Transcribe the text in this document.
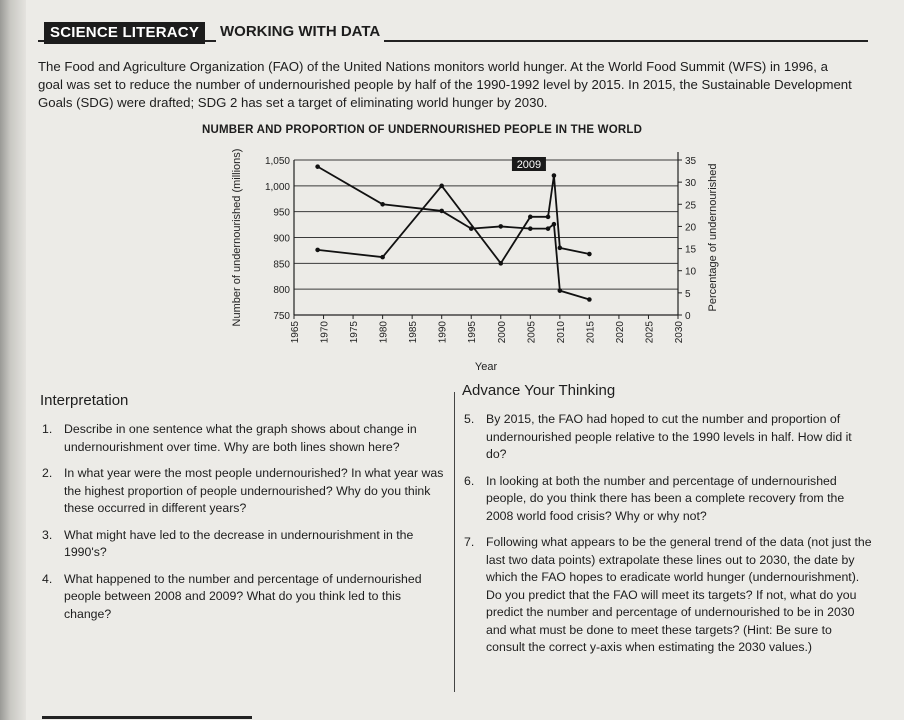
SCIENCE LITERACY	WORKING WITH DATA

The Food and Agriculture Organization (FAO) of the United Nations monitors world hunger. At the World Food Summit (WFS) in 1996, a goal was set to reduce the number of undernourished people by half of the 1990-1992 level by 2015. In 2015, the Sustainable Development Goals (SDG) were drafted; SDG 2 has set a target of eliminating world hunger by 2030.

NUMBER AND PROPORTION OF UNDERNOURISHED PEOPLE IN THE WORLD
750
800
850
900
950
1,000
1,050
0
5
10
15
20
25
30
35
1965 1970 1975 1980 1985 1990 1995 2000 2005 2010 2015 2020 2025 2030
Year
Number of undernourished (millions)	Percentage of undernourished
2009
Interpretation
1. Describe in one sentence what the graph shows about change in undernourishment over time. Why are both lines shown here?
2. In what year were the most people undernourished? In what year was the highest proportion of people undernourished? Why do you think these occurred in different years?
3. What might have led to the decrease in undernourishment in the 1990's?
4. What happened to the number and percentage of undernourished people between 2008 and 2009? What do you think led to this change?
Advance Your Thinking
5. By 2015, the FAO had hoped to cut the number and proportion of undernourished people relative to the 1990 levels in half. How did it do?
6. In looking at both the number and percentage of undernourished people, do you think there has been a complete recovery from the 2008 world food crisis? Why or why not?
7. Following what appears to be the general trend of the data (not just the last two data points) extrapolate these lines out to 2030, the date by which the FAO hopes to eradicate world hunger (undernourishment). Do you predict that the FAO will meet its targets? If not, what do you predict the number and percentage of undernourished to be in 2030 and what must be done to meet these targets? (Hint: Be sure to consult the correct y-axis when estimating the 2030 values.)
